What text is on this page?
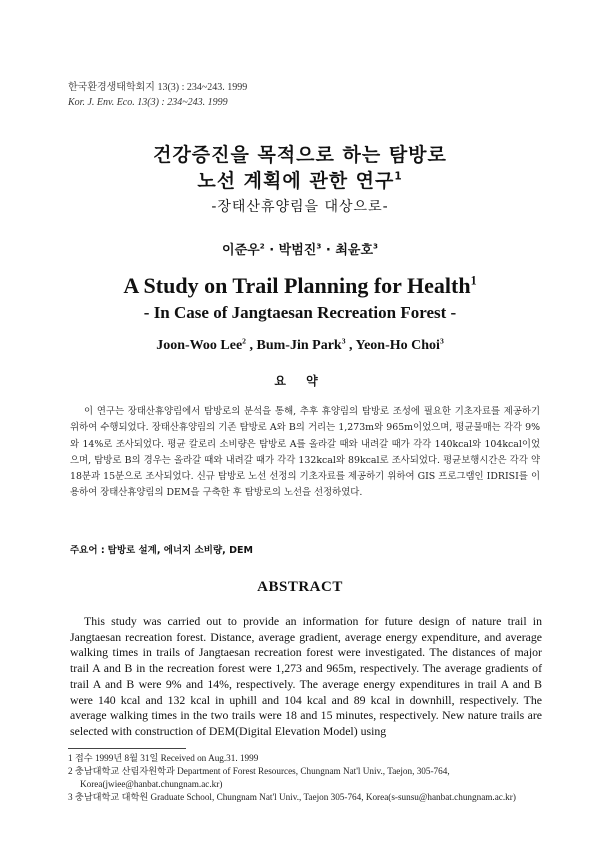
한국환경생태학회지 13(3) : 234~243. 1999
Kor. J. Env. Eco. 13(3) : 234~243. 1999
건강증진을 목적으로 하는 탐방로
노선 계획에 관한 연구$^1$
-장태산휴양림을 대상으로-
이준우$^2$ · 박범진$^3$ · 최윤호$^3$
A Study on Trail Planning for Health$^1$
- In Case of Jangtaesan Recreation Forest -
Joon-Woo Lee$^2$ , Bum-Jin Park$^3$ , Yeon-Ho Choi$^3$
요 약

이 연구는 장태산휴양림에서 탐방로의 분석을 통해, 추후 휴양림의 탐방로 조성에 필요한 기초자료를 제공하기 위하여 수행되었다. 장태산휴양림의 기존 탐방로 A와 B의 거리는 1,273m와 965m이었으며, 평균물매는 각각 9%와 14%로 조사되었다. 평균 칼로리 소비량은 탐방로 A를 올라갈 때와 내려갈 때가 각각 140kcal와 104kcal이었으며, 탐방로 B의 경우는 올라갈 때와 내려갈 때가 각각 132kcal와 89kcal로 조사되었다. 평균보행시간은 각각 약 18분과 15분으로 조사되었다. 신규 탐방로 노선 선정의 기초자료를 제공하기 위하여 GIS 프로그램인 IDRISI를 이용하여 장태산휴양림의 DEM을 구축한 후 탐방로의 노선을 선정하였다.

주요어 : 탐방로 설계, 에너지 소비량, DEM
ABSTRACT

This study was carried out to provide an information for future design of nature trail in Jangtaesan recreation forest. Distance, average gradient, average energy expenditure, and average walking times in trails of Jangtaesan recreation forest were investigated. The distances of major trail A and B in the recreation forest were 1,273 and 965m, respectively. The average gradients of trail A and B were 9% and 14%, respectively. The average energy expenditures in trail A and B were 140 kcal and 132 kcal in uphill and 104 kcal and 89 kcal in downhill, respectively. The average walking times in the two trails were 18 and 15 minutes, respectively. New nature trails are selected with construction of DEM(Digital Elevation Model) using

1 접수 1999년 8월 31일 Received on Aug.31. 1999
2 충남대학교 산림자원학과 Department of Forest Resources, Chungnam Nat'l Univ., Taejon, 305-764, Korea(jwiee@hanbat.chungnam.ac.kr)
3 충남대학교 대학원 Graduate School, Chungnam Nat'l Univ., Taejon 305-764, Korea(s-sunsu@hanbat.chungnam.ac.kr)
